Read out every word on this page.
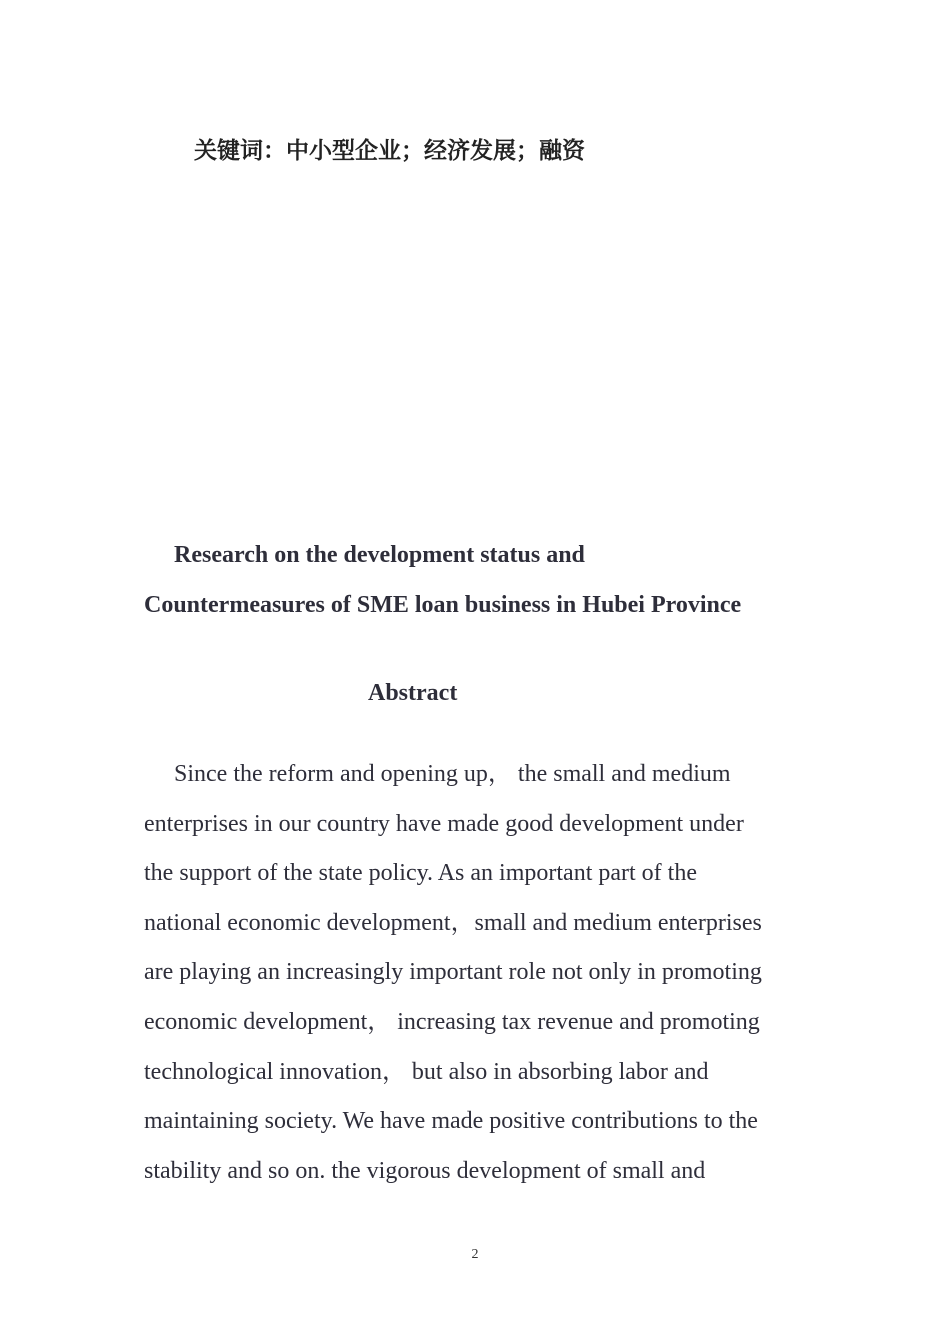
关键词：中小型企业；经济发展；融资
Research on the development status and
Countermeasures of SME loan business in Hubei Province
Abstract
Since the reform and opening up， the small and medium
enterprises in our country have made good development under
the support of the state policy. As an important part of the
national economic development，small and medium enterprises
are playing an increasingly important role not only in promoting
economic development， increasing tax revenue and promoting
technological innovation， but also in absorbing labor and
maintaining society. We have made positive contributions to the
stability and so on. the vigorous development of small and
2
